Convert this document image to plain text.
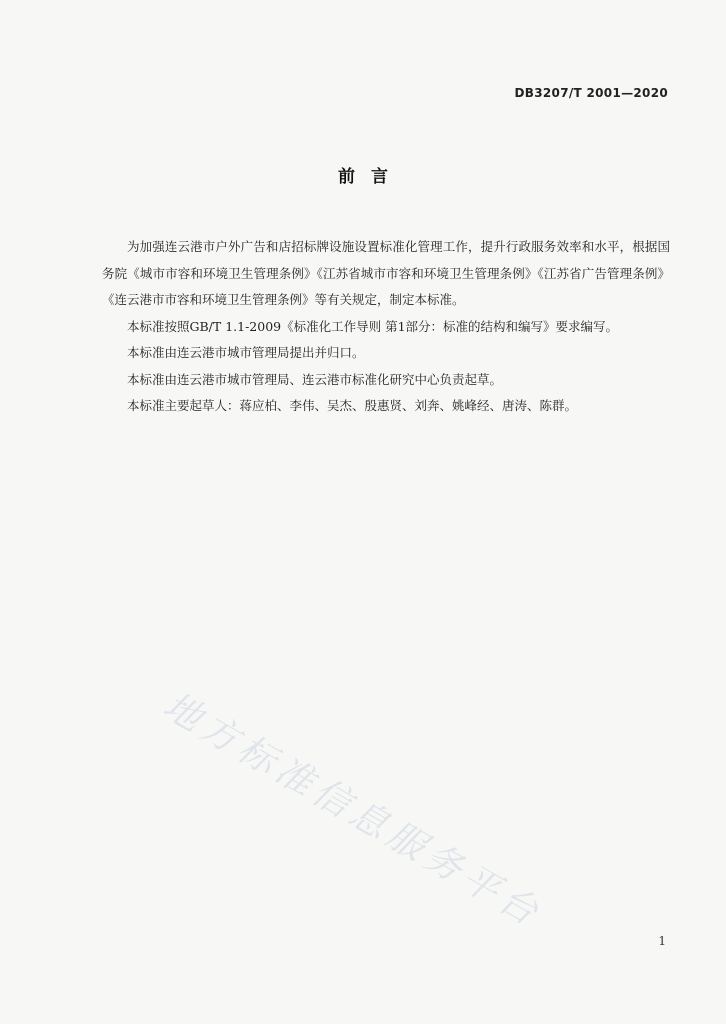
DB3207/T 2001—2020
前言

为加强连云港市户外广告和店招标牌设施设置标准化管理工作，提升行政服务效率和水平，根据国务院《城市市容和环境卫生管理条例》《江苏省城市市容和环境卫生管理条例》《江苏省广告管理条例》《连云港市市容和环境卫生管理条例》等有关规定，制定本标准。

本标准按照GB/T 1.1-2009《标准化工作导则 第1部分：标准的结构和编写》要求编写。

本标准由连云港市城市管理局提出并归口。

本标准由连云港市城市管理局、连云港市标准化研究中心负责起草。

本标准主要起草人：蒋应柏、李伟、吴杰、殷惠贤、刘奔、姚峰经、唐涛、陈群。

地方标准信息服务平台
1
